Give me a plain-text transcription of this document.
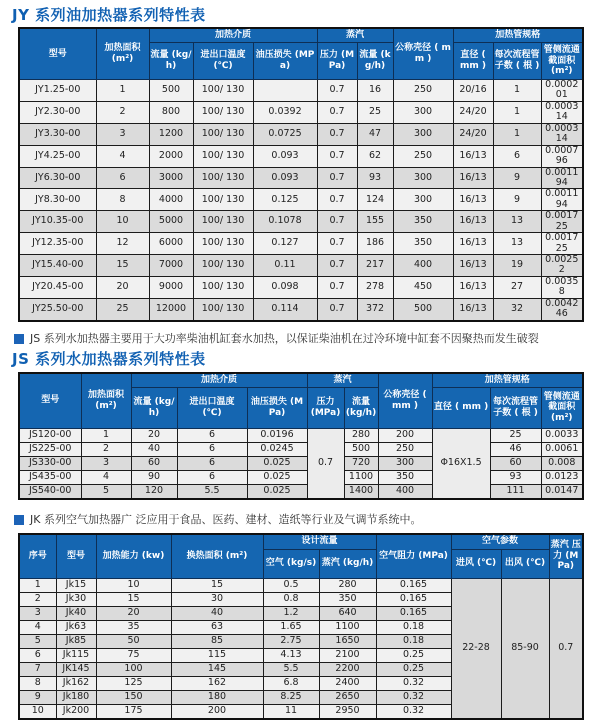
JY 系列油加热器系列特性表
型号	加热面积 (m²)	加热介质			蒸汽		公称壳径 ( mm )	加热管规格		
		流量 (kg/h)	进出口温度 (℃)	油压损失 (MPa)	压力 (MPa)	流量 (kg/h)		直径 ( mm )	每次流程管子数 ( 根 )	管侧流通截面积 (m²)
JY1.25-00	1	500	100/ 130		0.7	16	250	20/16	1	0.000201
JY2.30-00	2	800	100/ 130	0.0392	0.7	25	300	24/20	1	0.000314
JY3.30-00	3	1200	100/ 130	0.0725	0.7	47	300	24/20	1	0.000314
JY4.25-00	4	2000	100/ 130	0.093	0.7	62	250	16/13	6	0.000796
JY6.30-00	6	3000	100/ 130	0.093	0.7	93	300	16/13	9	0.001194
JY8.30-00	8	4000	100/ 130	0.125	0.7	124	300	16/13	9	0.001194
JY10.35-00	10	5000	100/ 130	0.1078	0.7	155	350	16/13	13	0.001725
JY12.35-00	12	6000	100/ 130	0.127	0.7	186	350	16/13	13	0.001725
JY15.40-00	15	7000	100/ 130	0.11	0.7	217	400	16/13	19	0.00252
JY20.45-00	20	9000	100/ 130	0.098	0.7	278	450	16/13	27	0.00358
JY25.50-00	25	12000	100/ 130	0.114	0.7	372	500	16/13	32	0.004246

JS 系列水加热器主要用于大功率柴油机缸套水加热，以保证柴油机在过冷环境中缸套不因聚热而发生破裂

JS 系列水加热器系列特性表
型号	加热面积 (m²)	加热介质			蒸汽		公称壳径 ( mm )	加热管规格		
		流量 (kg/h)	进出口温度 (℃)	油压损失 (MPa)	压力 (MPa)	流量 (kg/h)		直径 ( mm )	每次流程管子数 ( 根 )	管侧流通截面积 (m²)
JS120-00	1	20	6	0.0196	0.7	280	200	Φ16X1.5	25	0.0033
JS225-00	2	40	6	0.0245		500	250		46	0.0061
JS330-00	3	60	6	0.025		720	300		60	0.008
JS435-00	4	90	6	0.025		1100	350		93	0.0123
JS540-00	5	120	5.5	0.025		1400	400		111	0.0147

JK 系列空气加热器广 泛应用于食品、医药、建材、造纸等行业及气调节系统中。

序号	型号	加热能力 (kw)	换热面积 (m²)	设计流量		空气阻力 (MPa)	空气参数		蒸汽 压力 (MPa)
				空气 (kg/s)	蒸汽 (kg/h)		进风 (℃)	出风 (℃)	
1	Jk15	10	15	0.5	280	0.165	22-28	85-90	0.7
2	Jk30	15	30	0.8	350	0.165			
3	Jk40	20	40	1.2	640	0.165			
4	Jk63	35	63	1.65	1100	0.18			
5	Jk85	50	85	2.75	1650	0.18			
6	Jk115	75	115	4.13	2100	0.25			
7	JK145	100	145	5.5	2200	0.25			
8	Jk162	125	162	6.8	2400	0.32			
9	Jk180	150	180	8.25	2650	0.32			
10	Jk200	175	200	11	2950	0.32			
